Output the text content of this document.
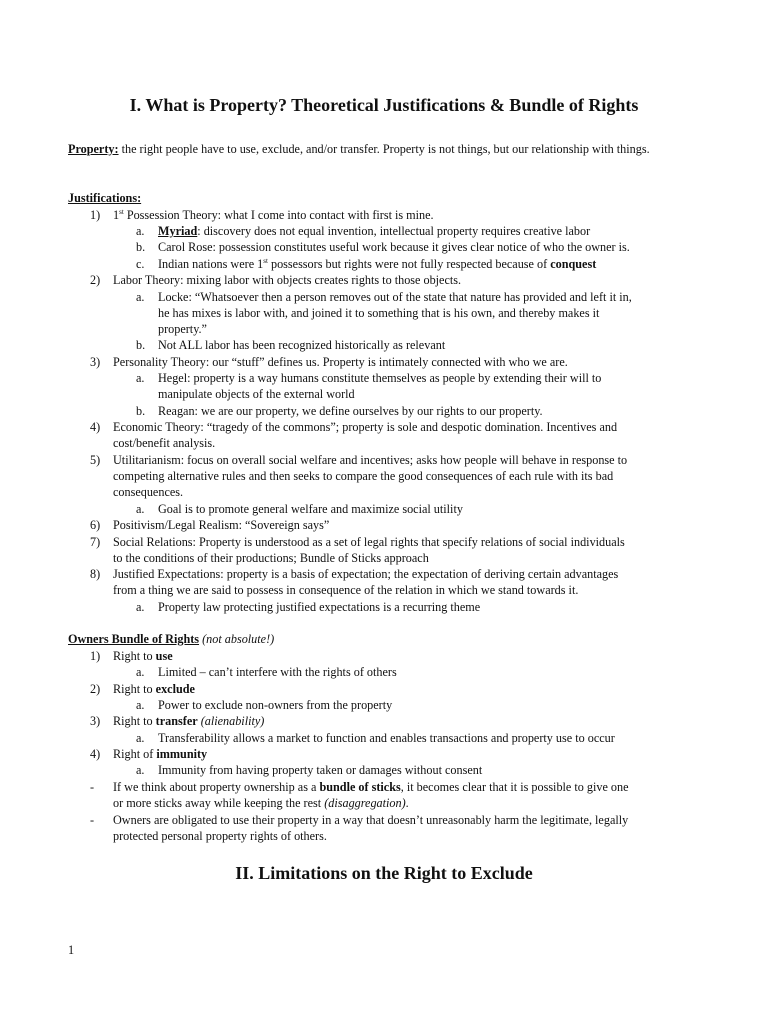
I. What is Property? Theoretical Justifications & Bundle of Rights
Property: the right people have to use, exclude, and/or transfer. Property is not things, but our relationship with things.
Justifications:
1) 1st Possession Theory: what I come into contact with first is mine.
a. Myriad: discovery does not equal invention, intellectual property requires creative labor
b. Carol Rose: possession constitutes useful work because it gives clear notice of who the owner is.
c. Indian nations were 1st possessors but rights were not fully respected because of conquest
2) Labor Theory: mixing labor with objects creates rights to those objects.
a. Locke: “Whatsoever then a person removes out of the state that nature has provided and left it in,
he has mixes is labor with, and joined it to something that is his own, and thereby makes it
property.”
b. Not ALL labor has been recognized historically as relevant
3) Personality Theory: our “stuff” defines us. Property is intimately connected with who we are.
a. Hegel: property is a way humans constitute themselves as people by extending their will to
manipulate objects of the external world
b. Reagan: we are our property, we define ourselves by our rights to our property.
4) Economic Theory: “tragedy of the commons”; property is sole and despotic domination. Incentives and
cost/benefit analysis.
5) Utilitarianism: focus on overall social welfare and incentives; asks how people will behave in response to
competing alternative rules and then seeks to compare the good consequences of each rule with its bad
consequences.
a. Goal is to promote general welfare and maximize social utility
6) Positivism/Legal Realism: “Sovereign says”
7) Social Relations: Property is understood as a set of legal rights that specify relations of social individuals
to the conditions of their productions; Bundle of Sticks approach
8) Justified Expectations: property is a basis of expectation; the expectation of deriving certain advantages
from a thing we are said to possess in consequence of the relation in which we stand towards it.
a. Property law protecting justified expectations is a recurring theme
Owners Bundle of Rights (not absolute!)
1) Right to use
a. Limited – can’t interfere with the rights of others
2) Right to exclude
a. Power to exclude non-owners from the property
3) Right to transfer (alienability)
a. Transferability allows a market to function and enables transactions and property use to occur
4) Right of immunity
a. Immunity from having property taken or damages without consent
- If we think about property ownership as a bundle of sticks, it becomes clear that it is possible to give one
or more sticks away while keeping the rest (disaggregation).
- Owners are obligated to use their property in a way that doesn’t unreasonably harm the legitimate, legally
protected personal property rights of others.
II. Limitations on the Right to Exclude
1
